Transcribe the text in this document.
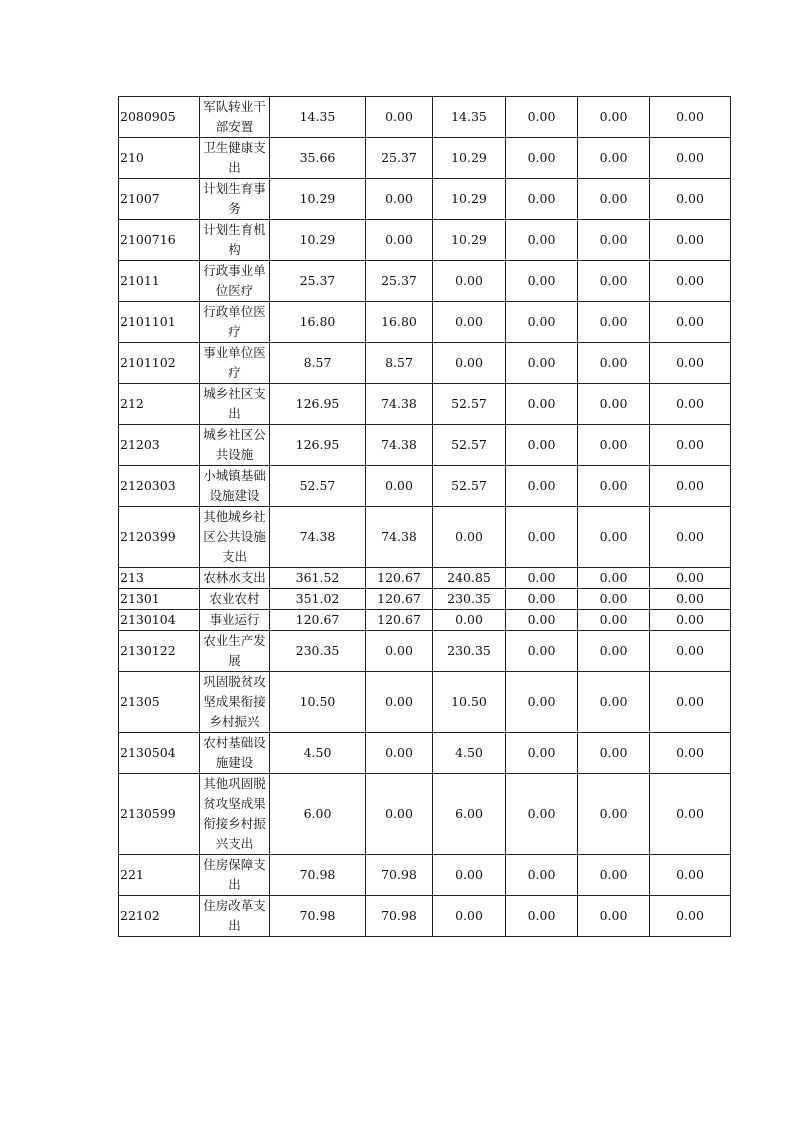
2080905	军队转业干部安置	14.35	0.00	14.35	0.00	0.00	0.00
210	卫生健康支出	35.66	25.37	10.29	0.00	0.00	0.00
21007	计划生育事务	10.29	0.00	10.29	0.00	0.00	0.00
2100716	计划生育机构	10.29	0.00	10.29	0.00	0.00	0.00
21011	行政事业单位医疗	25.37	25.37	0.00	0.00	0.00	0.00
2101101	行政单位医疗	16.80	16.80	0.00	0.00	0.00	0.00
2101102	事业单位医疗	8.57	8.57	0.00	0.00	0.00	0.00
212	城乡社区支出	126.95	74.38	52.57	0.00	0.00	0.00
21203	城乡社区公共设施	126.95	74.38	52.57	0.00	0.00	0.00
2120303	小城镇基础设施建设	52.57	0.00	52.57	0.00	0.00	0.00
2120399	其他城乡社区公共设施支出	74.38	74.38	0.00	0.00	0.00	0.00
213	农林水支出	361.52	120.67	240.85	0.00	0.00	0.00
21301	农业农村	351.02	120.67	230.35	0.00	0.00	0.00
2130104	事业运行	120.67	120.67	0.00	0.00	0.00	0.00
2130122	农业生产发展	230.35	0.00	230.35	0.00	0.00	0.00
21305	巩固脱贫攻坚成果衔接乡村振兴	10.50	0.00	10.50	0.00	0.00	0.00
2130504	农村基础设施建设	4.50	0.00	4.50	0.00	0.00	0.00
2130599	其他巩固脱贫攻坚成果衔接乡村振兴支出	6.00	0.00	6.00	0.00	0.00	0.00
221	住房保障支出	70.98	70.98	0.00	0.00	0.00	0.00
22102	住房改革支出	70.98	70.98	0.00	0.00	0.00	0.00
